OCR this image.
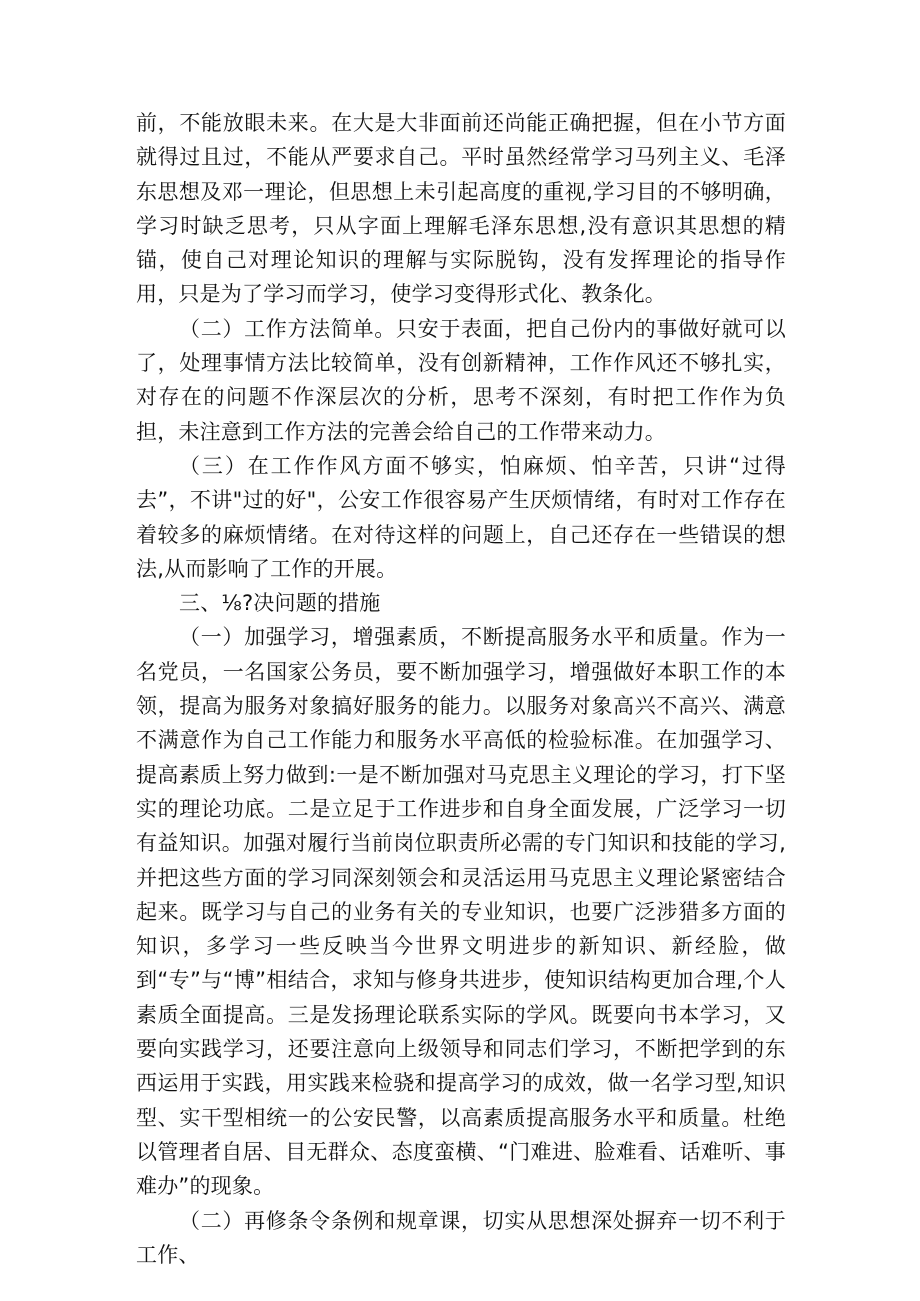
前，不能放眼未来。在大是大非面前还尚能正确把握，但在小节方面就得过且过，不能从严要求自己。平时虽然经常学习马列主义、毛泽东思想及邓一理论，但思想上未引起高度的重视,学习目的不够明确，学习时缺乏思考，只从字面上理解毛泽东思想,没有意识其思想的精锚，使自己对理论知识的理解与实际脱钩，没有发挥理论的指导作用，只是为了学习而学习，使学习变得形式化、教条化。

（二）工作方法简单。只安于表面，把自己份内的事做好就可以了，处理事情方法比较简单，没有创新精神，工作作风还不够扎实，对存在的问题不作深层次的分析，思考不深刻，有时把工作作为负担，未注意到工作方法的完善会给自己的工作带来动力。

（三）在工作作风方面不够实，怕麻烦、怕辛苦，只讲“过得去”，不讲"过的好"，公安工作很容易产生厌烦情绪，有时对工作存在着较多的麻烦情绪。在对待这样的问题上，自己还存在一些错误的想法,从而影响了工作的开展。

三、⅛?决问题的措施

（一）加强学习，增强素质，不断提高服务水平和质量。作为一名党员，一名国家公务员，要不断加强学习，增强做好本职工作的本领，提高为服务对象搞好服务的能力。以服务对象高兴不高兴、满意不满意作为自己工作能力和服务水平高低的检验标准。在加强学习、提高素质上努力做到:一是不断加强对马克思主义理论的学习，打下坚实的理论功底。二是立足于工作进步和自身全面发展，广泛学习一切有益知识。加强对履行当前岗位职责所必需的专门知识和技能的学习,并把这些方面的学习同深刻领会和灵活运用马克思主义理论紧密结合起来。既学习与自己的业务有关的专业知识，也要广泛涉猎多方面的知识，多学习一些反映当今世界文明进步的新知识、新经脸，做到“专”与“博”相结合，求知与修身共进步，使知识结构更加合理,个人素质全面提高。三是发扬理论联系实际的学风。既要向书本学习，又要向实践学习，还要注意向上级领导和同志们学习，不断把学到的东西运用于实践，用实践来检骁和提高学习的成效，做一名学习型,知识型、实干型相统一的公安民警，以高素质提高服务水平和质量。杜绝以管理者自居、目无群众、态度蛮横、“门难进、脸难看、话难听、事难办”的现象。

（二）再修条令条例和规章课，切实从思想深处摒弃一切不利于工作、
